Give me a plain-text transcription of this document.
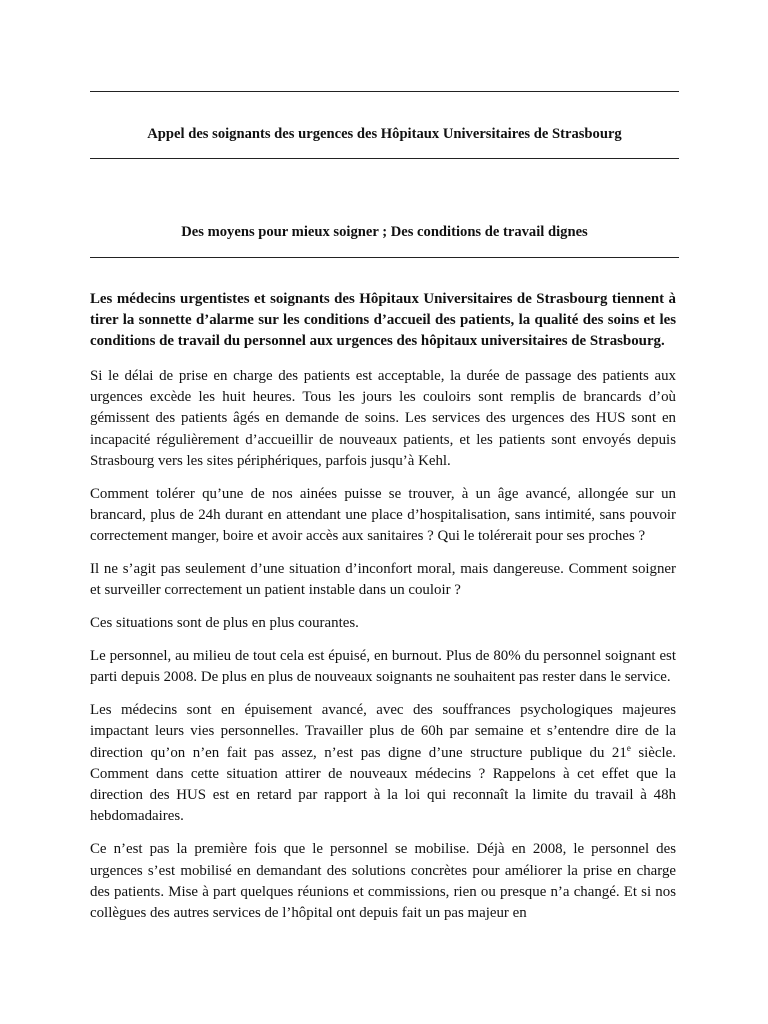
Appel des soignants des urgences des Hôpitaux Universitaires de Strasbourg
Des moyens pour mieux soigner ; Des conditions de travail dignes

Les médecins urgentistes et soignants des Hôpitaux Universitaires de Strasbourg tiennent à tirer la sonnette d’alarme sur les conditions d’accueil des patients, la qualité des soins et les conditions de travail du personnel aux urgences des hôpitaux universitaires de Strasbourg.

Si le délai de prise en charge des patients est acceptable, la durée de passage des patients aux urgences excède les huit heures. Tous les jours les couloirs sont remplis de brancards d’où gémissent des patients âgés en demande de soins. Les services des urgences des HUS sont en incapacité régulièrement d’accueillir de nouveaux patients, et les patients sont envoyés depuis Strasbourg vers les sites périphériques, parfois jusqu’à Kehl.

Comment tolérer qu’une de nos ainées puisse se trouver, à un âge avancé, allongée sur un brancard, plus de 24h durant en attendant une place d’hospitalisation, sans intimité, sans pouvoir correctement manger, boire et avoir accès aux sanitaires ? Qui le tolérerait pour ses proches ?

Il ne s’agit pas seulement d’une situation d’inconfort moral, mais dangereuse. Comment soigner et surveiller correctement un patient instable dans un couloir ?

Ces situations sont de plus en plus courantes.

Le personnel, au milieu de tout cela est épuisé, en burnout. Plus de 80% du personnel soignant est parti depuis 2008. De plus en plus de nouveaux soignants ne souhaitent pas rester dans le service.

Les médecins sont en épuisement avancé, avec des souffrances psychologiques majeures impactant leurs vies personnelles. Travailler plus de 60h par semaine et s’entendre dire de la direction qu’on n’en fait pas assez, n’est pas digne d’une structure publique du 21e siècle. Comment dans cette situation attirer de nouveaux médecins ? Rappelons à cet effet que la direction des HUS est en retard par rapport à la loi qui reconnaît la limite du travail à 48h hebdomadaires.

Ce n’est pas la première fois que le personnel se mobilise. Déjà en 2008, le personnel des urgences s’est mobilisé en demandant des solutions concrètes pour améliorer la prise en charge des patients. Mise à part quelques réunions et commissions, rien ou presque n’a changé. Et si nos collègues des autres services de l’hôpital ont depuis fait un pas majeur en
